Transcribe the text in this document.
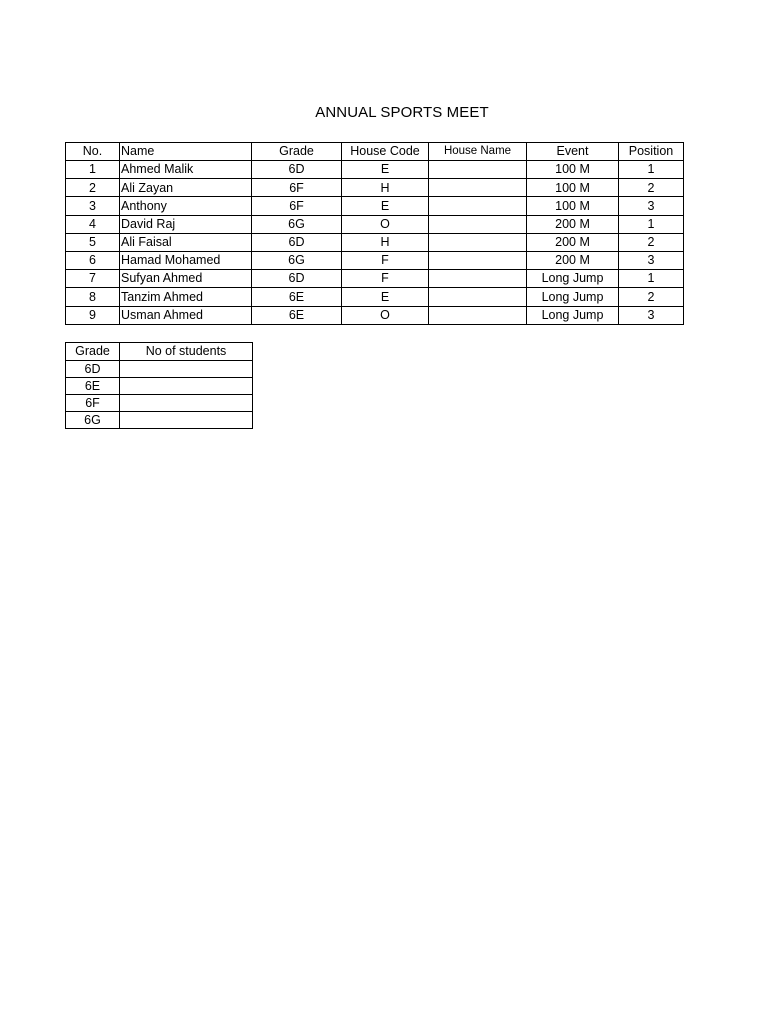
ANNUAL SPORTS MEET
No.	Name	Grade	House Code	House Name	Event	Position
1	Ahmed Malik	6D	E		100 M	1
2	Ali Zayan	6F	H		100 M	2
3	Anthony	6F	E		100 M	3
4	David Raj	6G	O		200 M	1
5	Ali Faisal	6D	H		200 M	2
6	Hamad Mohamed	6G	F		200 M	3
7	Sufyan Ahmed	6D	F		Long Jump	1
8	Tanzim Ahmed	6E	E		Long Jump	2
9	Usman Ahmed	6E	O		Long Jump	3
Grade	No of students
6D	
6E	
6F	
6G	
